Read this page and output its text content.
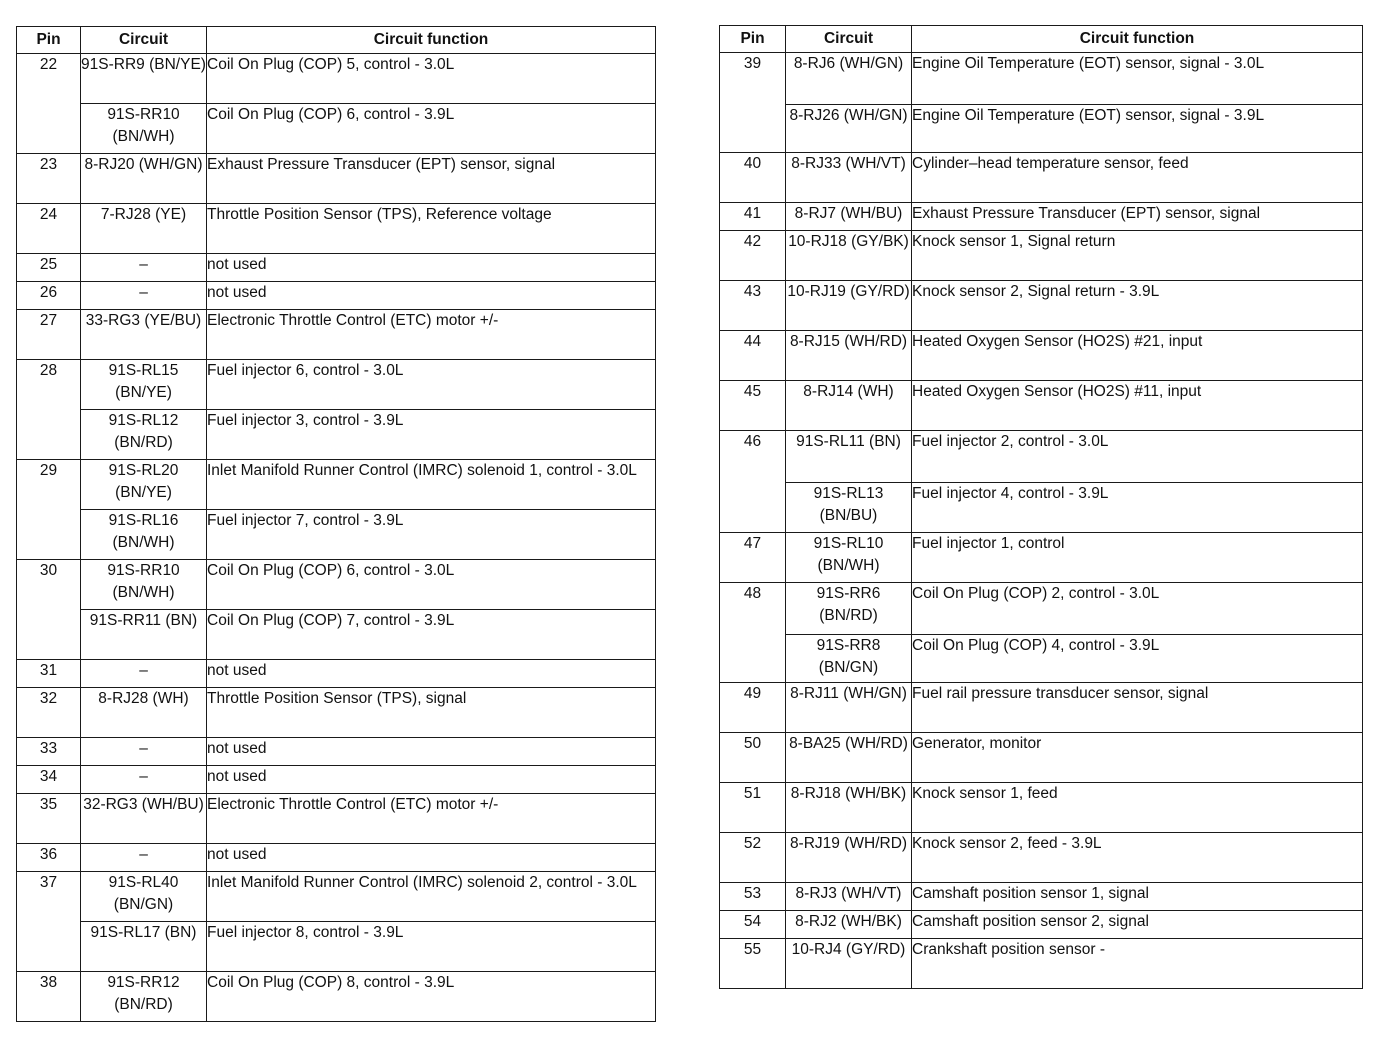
Pin	Circuit	Circuit function
22	91S-RR9 (BN/YE)	Coil On Plug (COP) 5, control - 3.0L
	91S-RR10 (BN/WH)	Coil On Plug (COP) 6, control - 3.9L
23	8-RJ20 (WH/GN)	Exhaust Pressure Transducer (EPT) sensor, signal
24	7-RJ28 (YE)	Throttle Position Sensor (TPS), Reference voltage
25	–	not used
26	–	not used
27	33-RG3 (YE/BU)	Electronic Throttle Control (ETC) motor +/-
28	91S-RL15 (BN/YE)	Fuel injector 6, control - 3.0L
	91S-RL12 (BN/RD)	Fuel injector 3, control - 3.9L
29	91S-RL20 (BN/YE)	Inlet Manifold Runner Control (IMRC) solenoid 1, control - 3.0L
	91S-RL16 (BN/WH)	Fuel injector 7, control - 3.9L
30	91S-RR10 (BN/WH)	Coil On Plug (COP) 6, control - 3.0L
	91S-RR11 (BN)	Coil On Plug (COP) 7, control - 3.9L
31	–	not used
32	8-RJ28 (WH)	Throttle Position Sensor (TPS), signal
33	–	not used
34	–	not used
35	32-RG3 (WH/BU)	Electronic Throttle Control (ETC) motor +/-
36	–	not used
37	91S-RL40 (BN/GN)	Inlet Manifold Runner Control (IMRC) solenoid 2, control - 3.0L
	91S-RL17 (BN)	Fuel injector 8, control - 3.9L
38	91S-RR12 (BN/RD)	Coil On Plug (COP) 8, control - 3.9L
Pin	Circuit	Circuit function
39	8-RJ6 (WH/GN)	Engine Oil Temperature (EOT) sensor, signal - 3.0L
	8-RJ26 (WH/GN)	Engine Oil Temperature (EOT) sensor, signal - 3.9L
40	8-RJ33 (WH/VT)	Cylinder–head temperature sensor, feed
41	8-RJ7 (WH/BU)	Exhaust Pressure Transducer (EPT) sensor, signal
42	10-RJ18 (GY/BK)	Knock sensor 1, Signal return
43	10-RJ19 (GY/RD)	Knock sensor 2, Signal return - 3.9L
44	8-RJ15 (WH/RD)	Heated Oxygen Sensor (HO2S) #21, input
45	8-RJ14 (WH)	Heated Oxygen Sensor (HO2S) #11, input
46	91S-RL11 (BN)	Fuel injector 2, control - 3.0L
	91S-RL13 (BN/BU)	Fuel injector 4, control - 3.9L
47	91S-RL10 (BN/WH)	Fuel injector 1, control
48	91S-RR6 (BN/RD)	Coil On Plug (COP) 2, control - 3.0L
	91S-RR8 (BN/GN)	Coil On Plug (COP) 4, control - 3.9L
49	8-RJ11 (WH/GN)	Fuel rail pressure transducer sensor, signal
50	8-BA25 (WH/RD)	Generator, monitor
51	8-RJ18 (WH/BK)	Knock sensor 1, feed
52	8-RJ19 (WH/RD)	Knock sensor 2, feed - 3.9L
53	8-RJ3 (WH/VT)	Camshaft position sensor 1, signal
54	8-RJ2 (WH/BK)	Camshaft position sensor 2, signal
55	10-RJ4 (GY/RD)	Crankshaft position sensor -
